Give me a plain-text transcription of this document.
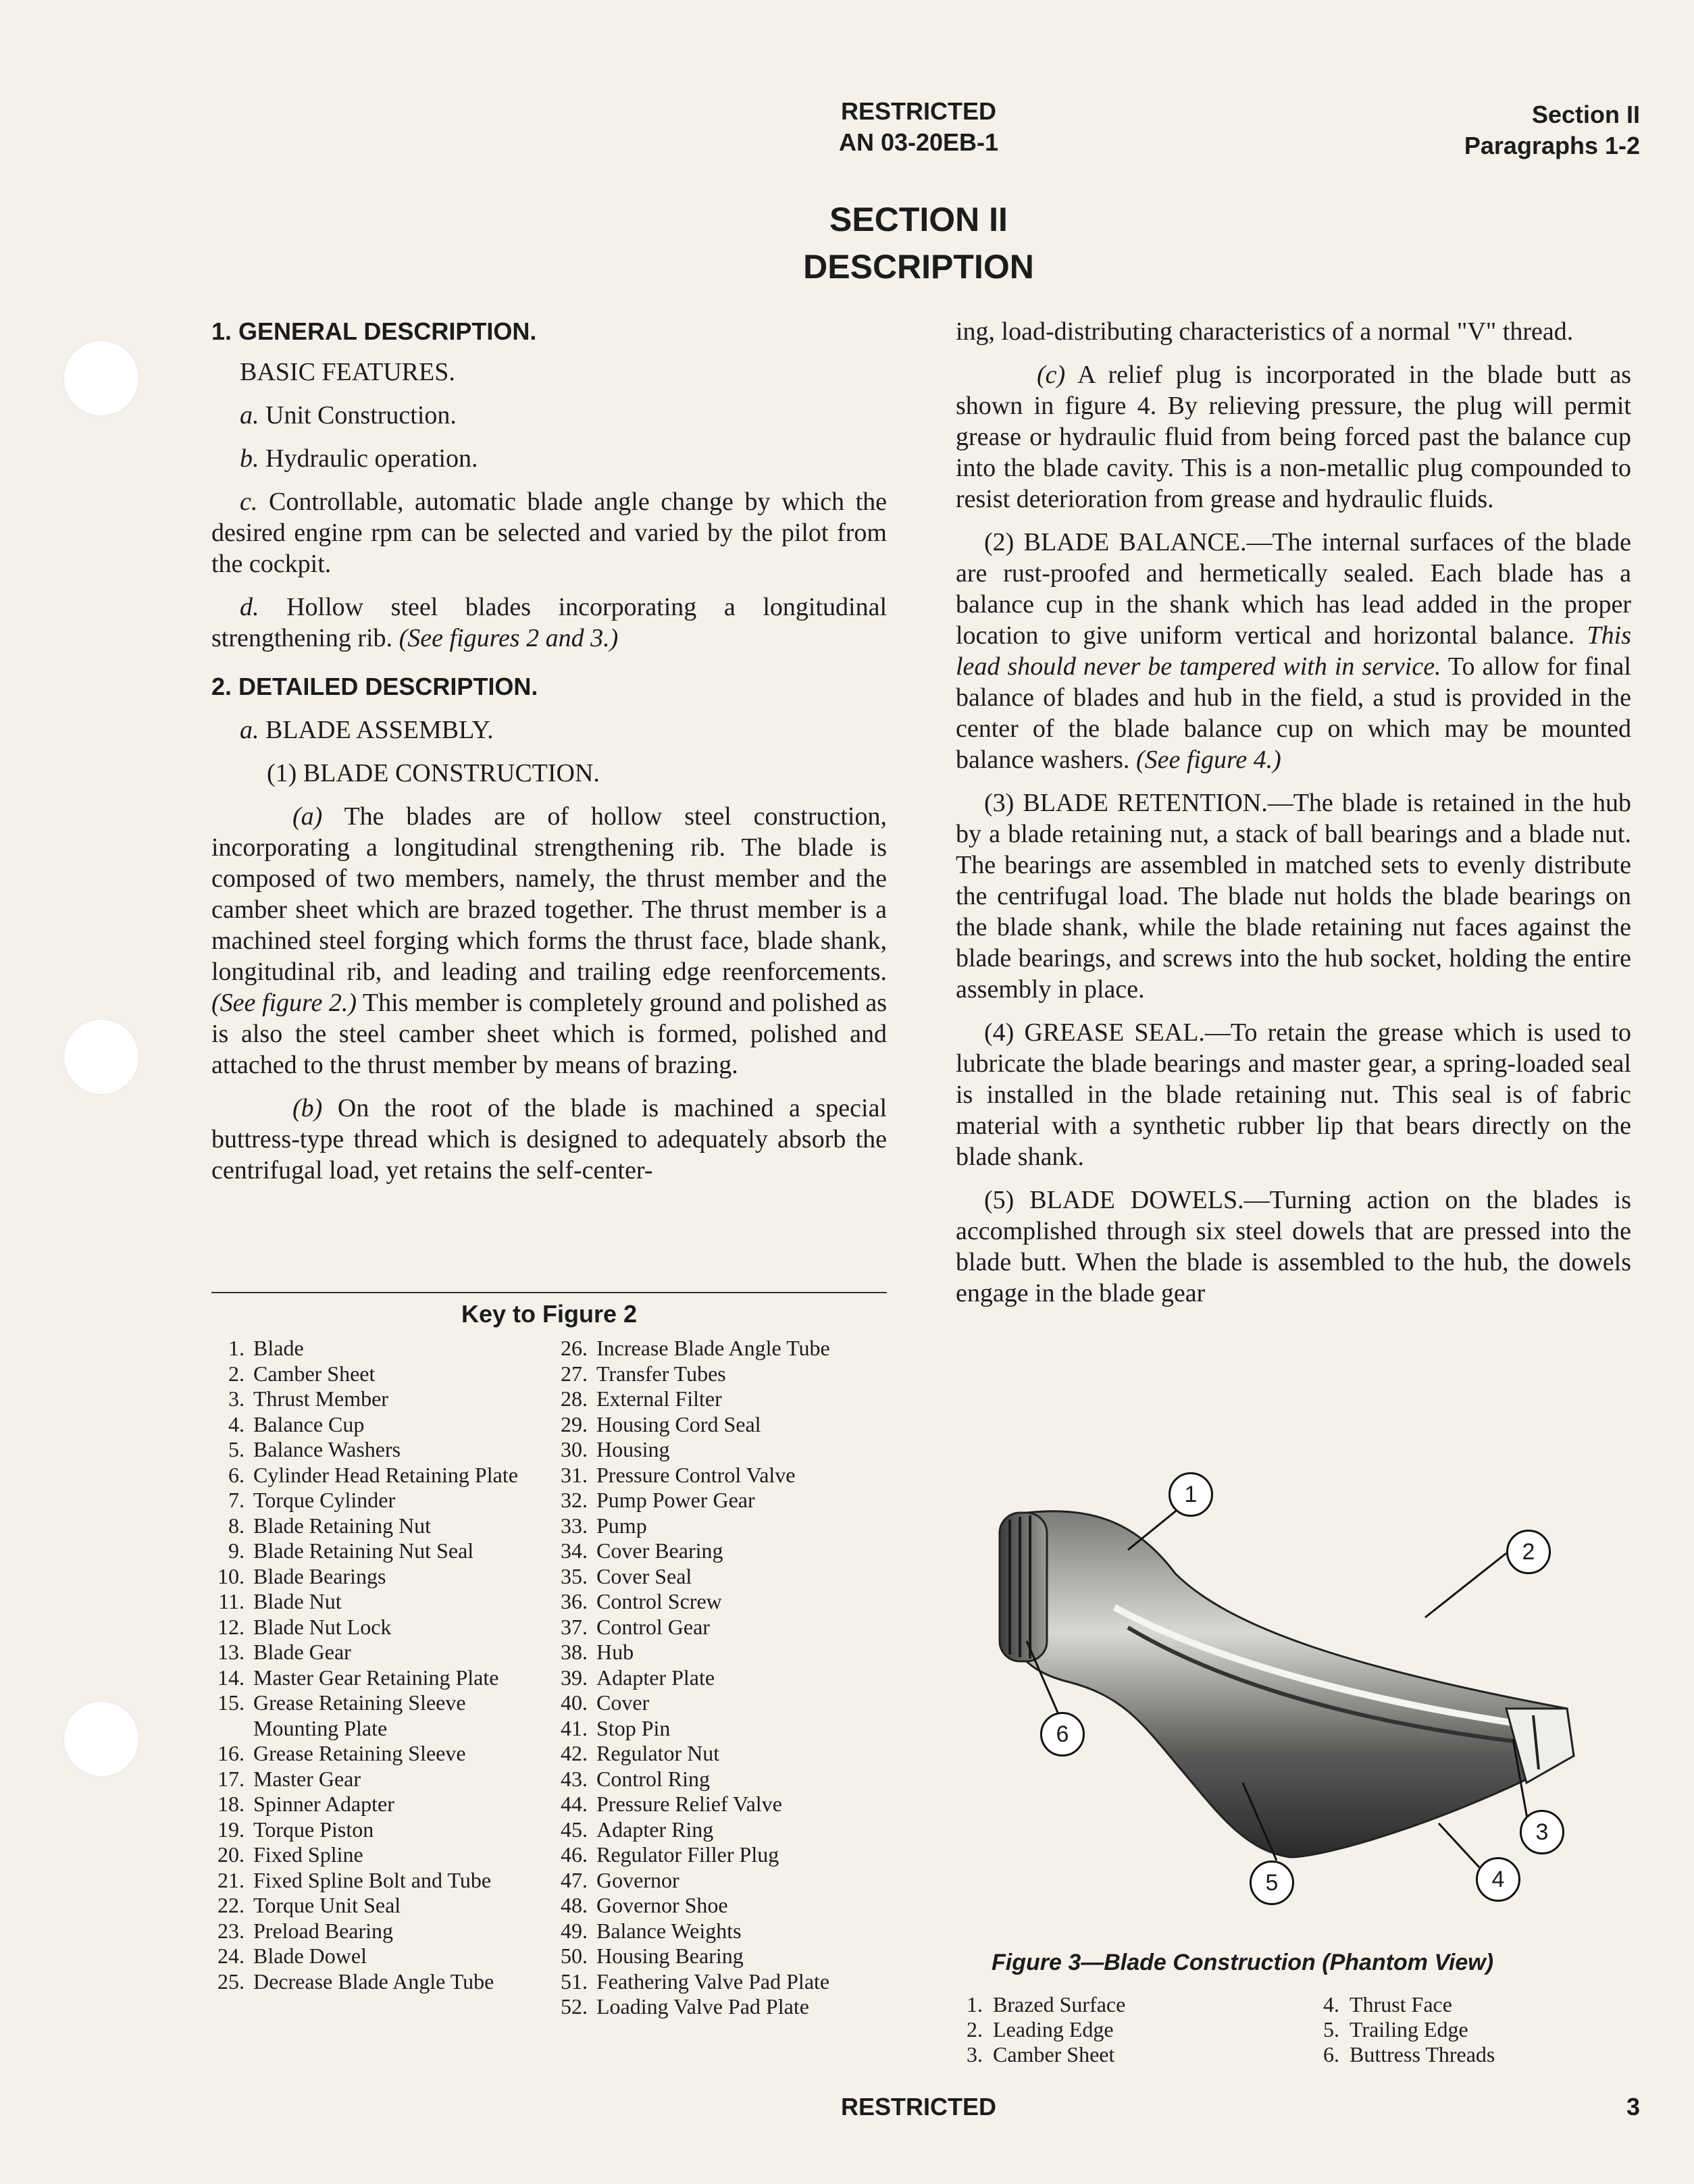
RESTRICTED
AN 03-20EB-1
Section II
Paragraphs 1-2
SECTION II
DESCRIPTION

1. GENERAL DESCRIPTION.

BASIC FEATURES.

a. Unit Construction.

b. Hydraulic operation.

c. Controllable, automatic blade angle change by which the desired engine rpm can be selected and varied by the pilot from the cockpit.

d. Hollow steel blades incorporating a longitudinal strengthening rib. (See figures 2 and 3.)

2. DETAILED DESCRIPTION.

a. BLADE ASSEMBLY.

(1) BLADE CONSTRUCTION.

(a) The blades are of hollow steel construction, incorporating a longitudinal strengthening rib. The blade is composed of two members, namely, the thrust member and the camber sheet which are brazed together. The thrust member is a machined steel forging which forms the thrust face, blade shank, longitudinal rib, and leading and trailing edge reenforcements. (See figure 2.) This member is completely ground and polished as is also the steel camber sheet which is formed, polished and attached to the thrust member by means of brazing.

(b) On the root of the blade is machined a special buttress-type thread which is designed to adequately absorb the centrifugal load, yet retains the self-center-

ing, load-distributing characteristics of a normal "V" thread.

(c) A relief plug is incorporated in the blade butt as shown in figure 4. By relieving pressure, the plug will permit grease or hydraulic fluid from being forced past the balance cup into the blade cavity. This is a non-metallic plug compounded to resist deterioration from grease and hydraulic fluids.

(2) BLADE BALANCE.—The internal surfaces of the blade are rust-proofed and hermetically sealed. Each blade has a balance cup in the shank which has lead added in the proper location to give uniform vertical and horizontal balance. This lead should never be tampered with in service. To allow for final balance of blades and hub in the field, a stud is provided in the center of the blade balance cup on which may be mounted balance washers. (See figure 4.)

(3) BLADE RETENTION.—The blade is retained in the hub by a blade retaining nut, a stack of ball bearings and a blade nut. The bearings are assembled in matched sets to evenly distribute the centrifugal load. The blade nut holds the blade bearings on the blade shank, while the blade retaining nut faces against the blade bearings, and screws into the hub socket, holding the entire assembly in place.

(4) GREASE SEAL.—To retain the grease which is used to lubricate the blade bearings and master gear, a spring-loaded seal is installed in the blade retaining nut. This seal is of fabric material with a synthetic rubber lip that bears directly on the blade shank.

(5) BLADE DOWELS.—Turning action on the blades is accomplished through six steel dowels that are pressed into the blade butt. When the blade is assembled to the hub, the dowels engage in the blade gear

Key to Figure 2
1. Blade
2. Camber Sheet
3. Thrust Member
4. Balance Cup
5. Balance Washers
6. Cylinder Head Retaining Plate
7. Torque Cylinder
8. Blade Retaining Nut
9. Blade Retaining Nut Seal
10. Blade Bearings
11. Blade Nut
12. Blade Nut Lock
13. Blade Gear
14. Master Gear Retaining Plate
15. Grease Retaining Sleeve Mounting Plate
16. Grease Retaining Sleeve
17. Master Gear
18. Spinner Adapter
19. Torque Piston
20. Fixed Spline
21. Fixed Spline Bolt and Tube
22. Torque Unit Seal
23. Preload Bearing
24. Blade Dowel
25. Decrease Blade Angle Tube
26. Increase Blade Angle Tube
27. Transfer Tubes
28. External Filter
29. Housing Cord Seal
30. Housing
31. Pressure Control Valve
32. Pump Power Gear
33. Pump
34. Cover Bearing
35. Cover Seal
36. Control Screw
37. Control Gear
38. Hub
39. Adapter Plate
40. Cover
41. Stop Pin
42. Regulator Nut
43. Control Ring
44. Pressure Relief Valve
45. Adapter Ring
46. Regulator Filler Plug
47. Governor
48. Governor Shoe
49. Balance Weights
50. Housing Bearing
51. Feathering Valve Pad Plate
52. Loading Valve Pad Plate
1
2
3
4
5
6
Figure 3—Blade Construction (Phantom View)
1. Brazed Surface
2. Leading Edge
3. Camber Sheet
4. Thrust Face
5. Trailing Edge
6. Buttress Threads
RESTRICTED	3
